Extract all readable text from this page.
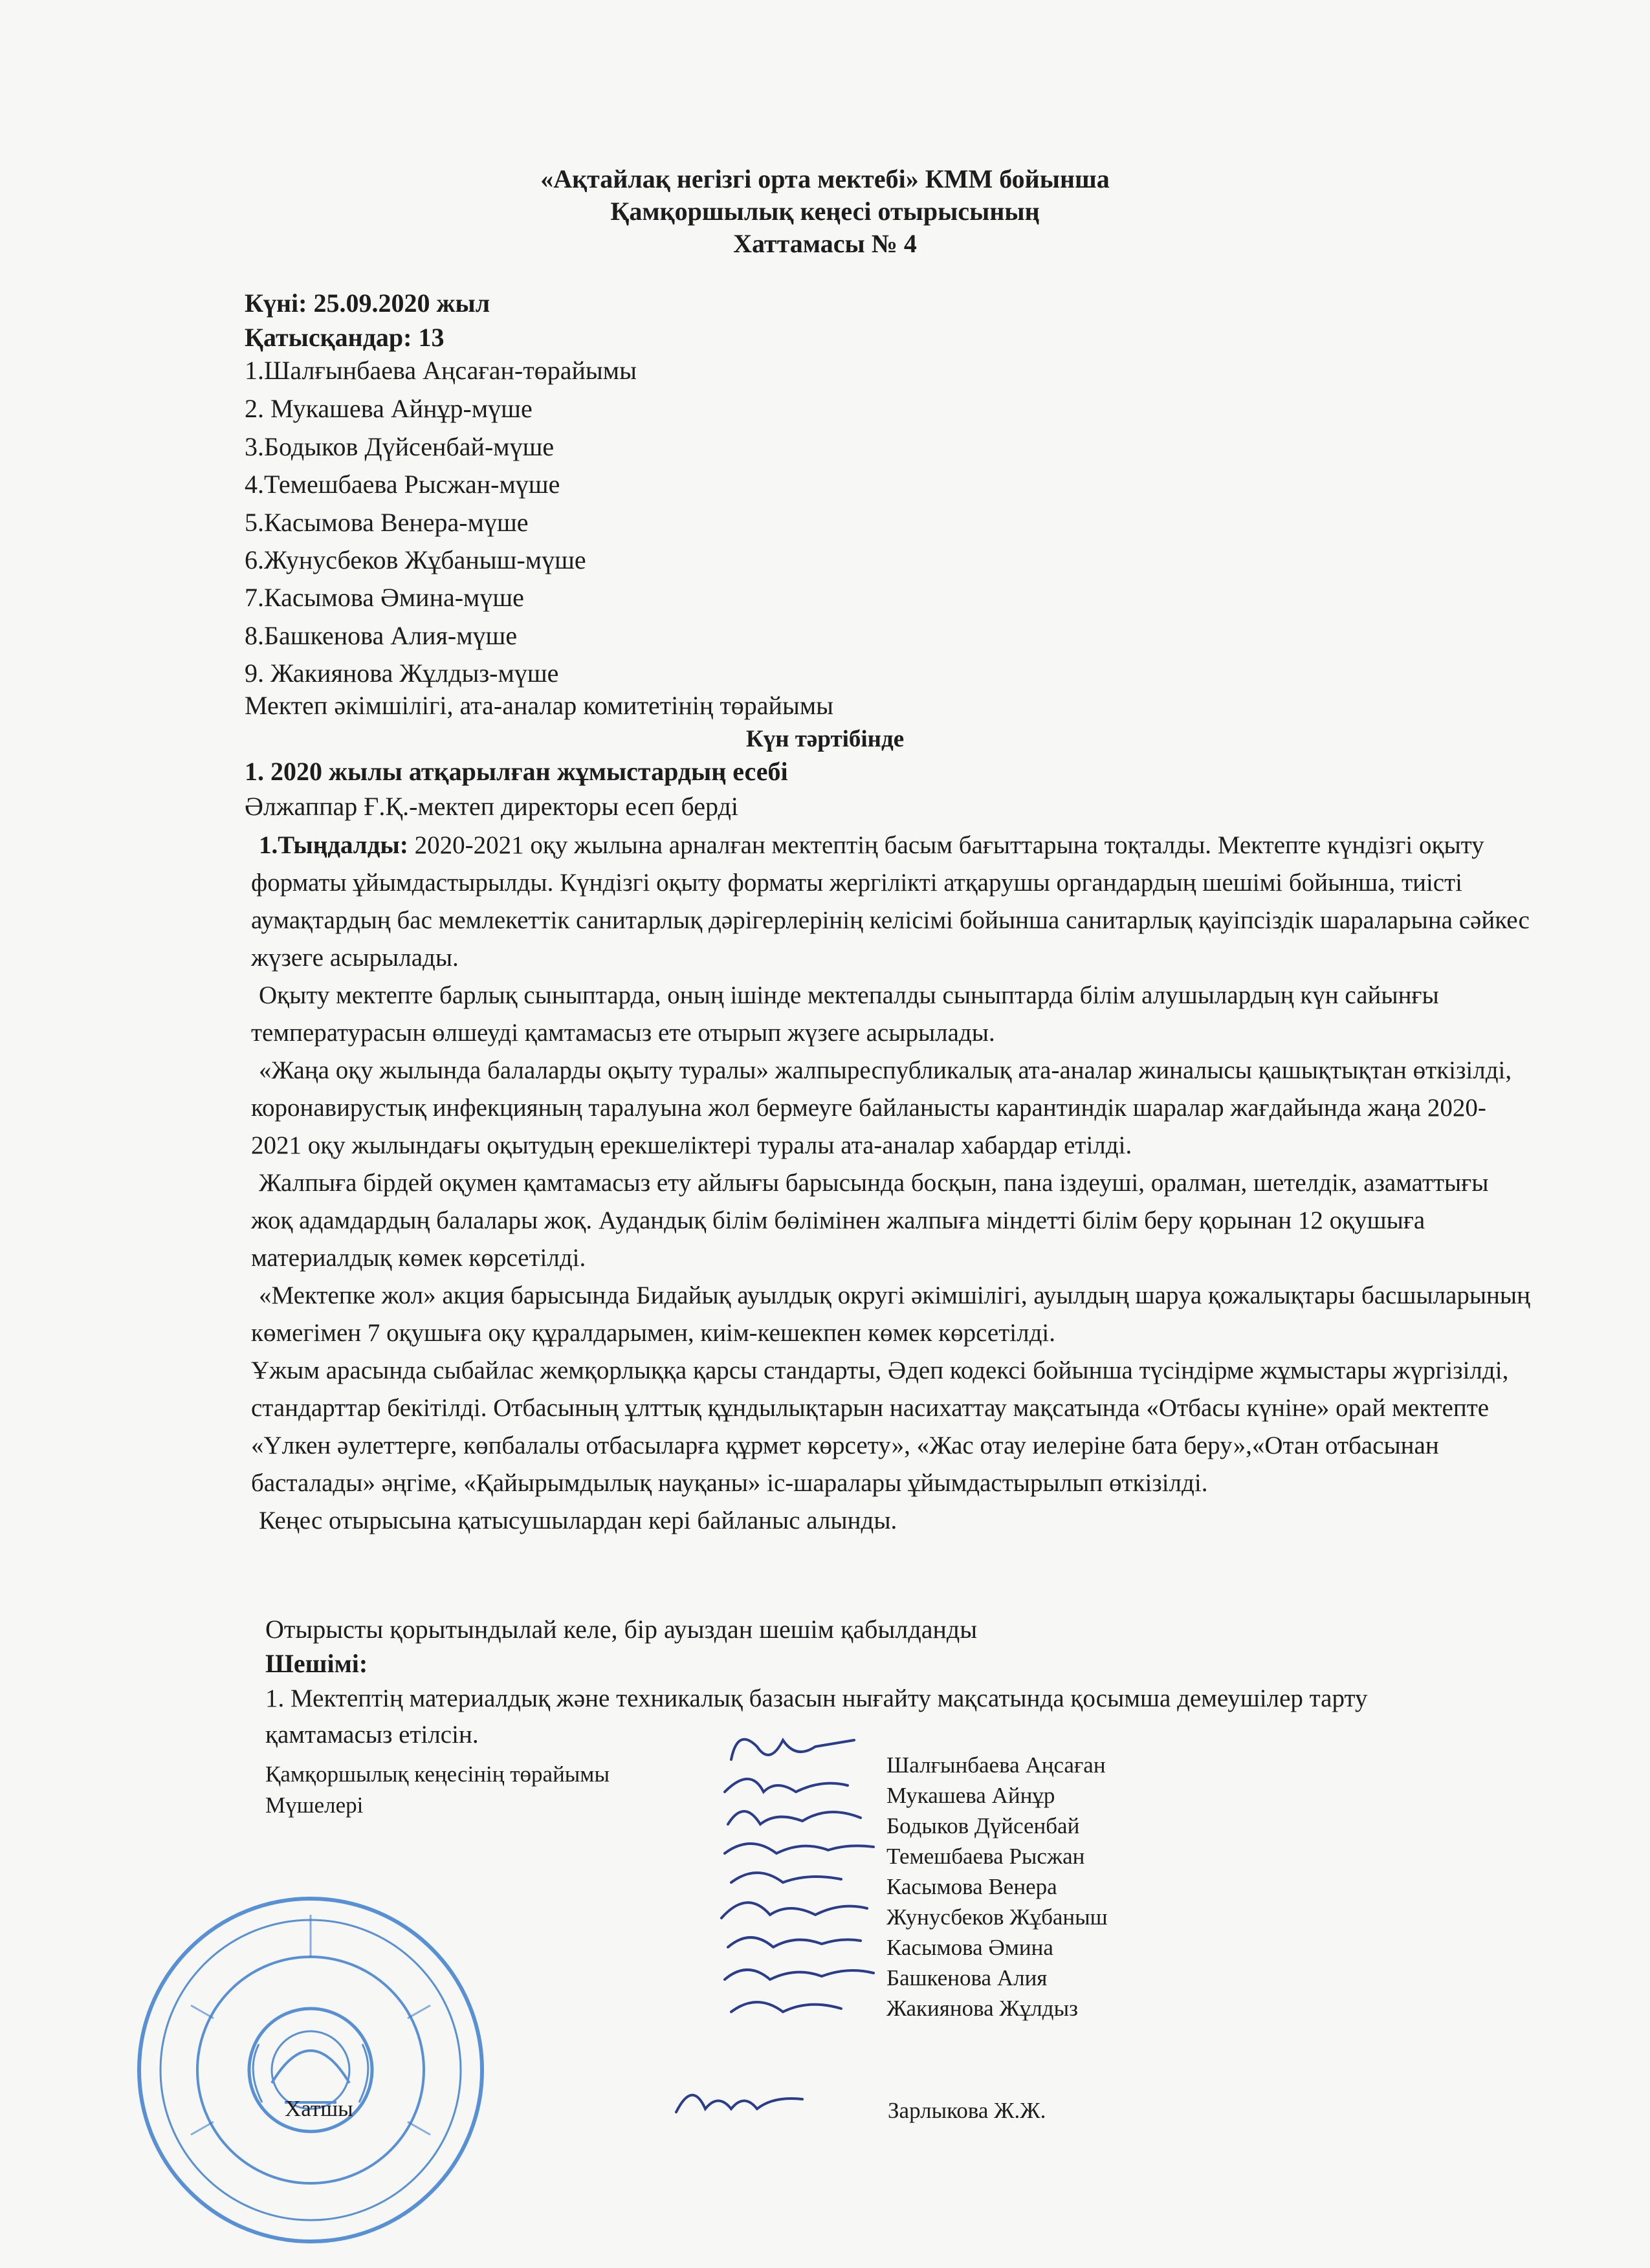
«Ақтайлақ негізгі орта мектебі» КММ бойынша
Қамқоршылық кеңесі отырысының
Хаттамасы № 4
Күні: 25.09.2020 жыл
Қатысқандар: 13
1.Шалғынбаева Аңсаған-төрайымы
2. Мукашева Айнұр-мүше
3.Бодыков Дүйсенбай-мүше
4.Темешбаева Рысжан-мүше
5.Касымова Венера-мүше
6.Жунусбеков Жұбаныш-мүше
7.Касымова Әмина-мүше
8.Башкенова Алия-мүше
9. Жакиянова Жұлдыз-мүше
Мектеп әкімшілігі, ата-аналар комитетінің төрайымы
Күн тәртібінде
1. 2020 жылы атқарылған жұмыстардың есебі
Әлжаппар Ғ.Қ.-мектеп директоры есеп берді

1.Тыңдалды: 2020-2021 оқу жылына арналған мектептің басым бағыттарына тоқталды. Мектепте күндізгі оқыту форматы ұйымдастырылды. Күндізгі оқыту форматы жергілікті атқарушы органдардың шешімі бойынша, тиісті аумақтардың бас мемлекеттік санитарлық дәрігерлерінің келісімі бойынша санитарлық қауіпсіздік шараларына сәйкес жүзеге асырылады.

Оқыту мектепте барлық сыныптарда, оның ішінде мектепалды сыныптарда білім алушылардың күн сайынғы температурасын өлшеуді қамтамасыз ете отырып жүзеге асырылады.

«Жаңа оқу жылында балаларды оқыту туралы» жалпыреспубликалық ата-аналар жиналысы қашықтықтан өткізілді, коронавирустық инфекцияның таралуына жол бермеуге байланысты карантиндік шаралар жағдайында жаңа 2020-2021 оқу жылындағы оқытудың ерекшеліктері туралы ата-аналар хабардар етілді.

Жалпыға бірдей оқумен қамтамасыз ету айлығы барысында босқын, пана іздеуші, оралман, шетелдік, азаматтығы жоқ адамдардың балалары жоқ. Аудандық білім бөлімінен жалпыға міндетті білім беру қорынан 12 оқушыға материалдық көмек көрсетілді.

«Мектепке жол» акция барысында Бидайық ауылдық округі әкімшілігі, ауылдың шаруа қожалықтары басшыларының көмегімен 7 оқушыға оқу құралдарымен, киім-кешекпен көмек көрсетілді.

Ұжым арасында сыбайлас жемқорлыққа қарсы стандарты, Әдеп кодексі бойынша түсіндірме жұмыстары жүргізілді, стандарттар бекітілді. Отбасының ұлттық құндылықтарын насихаттау мақсатында «Отбасы күніне» орай мектепте «Үлкен әулеттерге, көпбалалы отбасыларға құрмет көрсету», «Жас отау иелеріне бата беру»,«Отан отбасынан басталады» әңгіме, «Қайырымдылық науқаны» іс-шаралары ұйымдастырылып өткізілді.

Кеңес отырысына қатысушылардан кері байланыс алынды.

Отырысты қорытындылай келе, бір ауыздан шешім қабылданды
Шешімі:
1. Мектептің материалдық және техникалық базасын нығайту мақсатында қосымша демеушілер тарту қамтамасыз етілсін.
Қамқоршылық кеңесінің төрайымы
Мүшелері
Шалғынбаева Аңсаған
Мукашева Айнұр
Бодыков Дүйсенбай
Темешбаева Рысжан
Касымова Венера
Жунусбеков Жұбаныш
Касымова Әмина
Башкенова Алия
Жакиянова Жұлдыз
Хатшы	Зарлыкова Ж.Ж.
